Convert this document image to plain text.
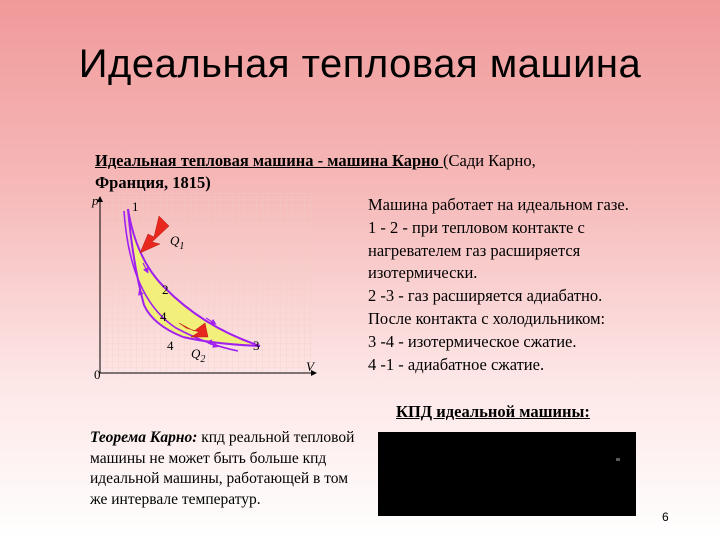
Идеальная тепловая машина
Идеальная тепловая машина - машина Карно (Сади Карно,
Франция, 1815)
p
V
0
1
2
3
4
4
$Q_1$
$Q_2$
Машина работает на идеальном газе.
1 - 2 - при тепловом контакте с
нагревателем газ расширяется
изотермически.
2 -3 - газ расширяется адиабатно.
После контакта с холодильником:
3 -4 - изотермическое сжатие.
4 -1 - адиабатное сжатие.
КПД идеальной машины:
Теорема Карно: кпд реальной тепловой машины не может быть больше кпд идеальной машины, работающей в том же интервале температур.
6
